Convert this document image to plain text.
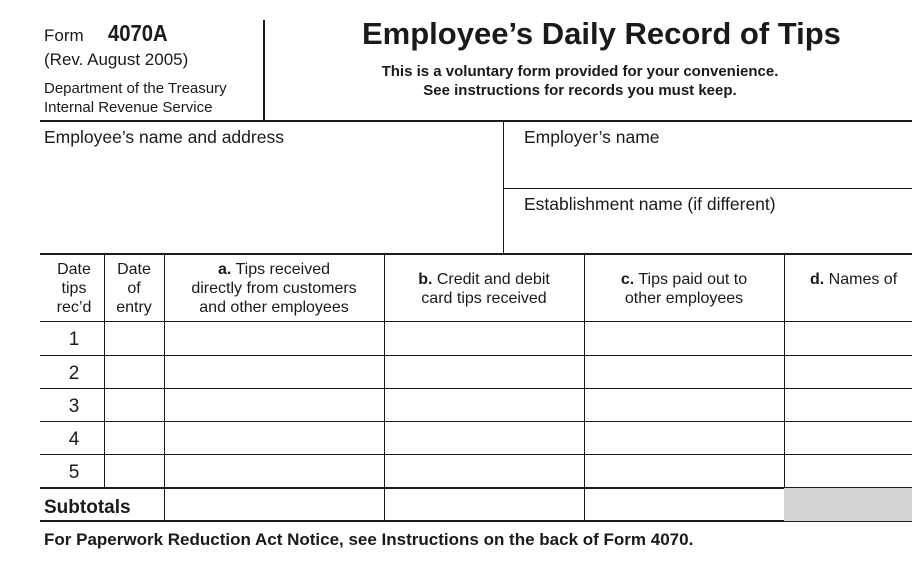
Form 4070A
(Rev. August 2005)
Department of the Treasury
Internal Revenue Service
Employee’s Daily Record of Tips
This is a voluntary form provided for your convenience.
See instructions for records you must keep.
Employee’s name and address	Employer’s name
Establishment name (if different)
Date
tips
rec’d
Date
of
entry
a. Tips received
directly from customers
and other employees
b. Credit and debit
card tips received
c. Tips paid out to
other employees
d. Names of
1
2
3
4
5
Subtotals
For Paperwork Reduction Act Notice, see Instructions on the back of Form 4070.
